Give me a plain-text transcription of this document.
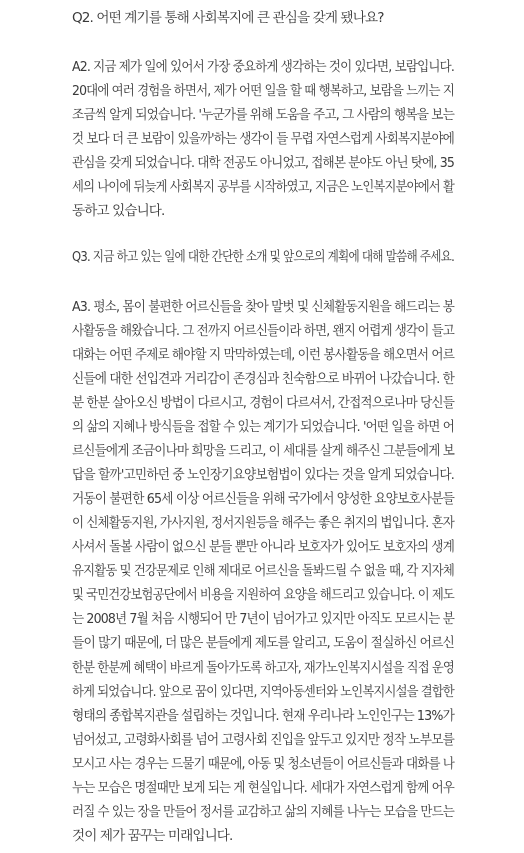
Q2. 어떤 계기를 통해 사회복지에 큰 관심을 갖게 됐나요?
A2. 지금 제가 일에 있어서 가장 중요하게 생각하는 것이 있다면, 보람입니다.
20대에 여러 경험을 하면서, 제가 어떤 일을 할 때 행복하고, 보람을 느끼는 지
조금씩 알게 되었습니다. '누군가를 위해 도움을 주고, 그 사람의 행복을 보는
것 보다 더 큰 보람이 있을까'하는 생각이 들 무렵 자연스럽게 사회복지분야에
관심을 갖게 되었습니다. 대학 전공도 아니었고, 접해본 분야도 아닌 탓에, 35
세의 나이에 뒤늦게 사회복지 공부를 시작하였고, 지금은 노인복지분야에서 활
동하고 있습니다.
Q3. 지금 하고 있는 일에 대한 간단한 소개 및 앞으로의 계획에 대해 말씀해 주세요.
A3. 평소, 몸이 불편한 어르신들을 찾아 말벗 및 신체활동지원을 해드리는 봉
사활동을 해왔습니다. 그 전까지 어르신들이라 하면, 왠지 어렵게 생각이 들고
대화는 어떤 주제로 해야할 지 막막하였는데, 이런 봉사활동을 해오면서 어르
신들에 대한 선입견과 거리감이 존경심과 친숙함으로 바뀌어 나갔습니다. 한
분 한분 살아오신 방법이 다르시고, 경험이 다르셔서, 간접적으로나마 당신들
의 삶의 지혜나 방식들을 접할 수 있는 계기가 되었습니다. '어떤 일을 하면 어
르신들에게 조금이나마 희망을 드리고, 이 세대를 살게 해주신 그분들에게 보
답을 할까'고민하던 중 노인장기요양보험법이 있다는 것을 알게 되었습니다.
거동이 불편한 65세 이상 어르신들을 위해 국가에서 양성한 요양보호사분들
이 신체활동지원, 가사지원, 정서지원등을 해주는 좋은 취지의 법입니다. 혼자
사셔서 돌볼 사람이 없으신 분들 뿐만 아니라 보호자가 있어도 보호자의 생계
유지활동 및 건강문제로 인해 제대로 어르신을 돌봐드릴 수 없을 때, 각 지자체
및 국민건강보험공단에서 비용을 지원하여 요양을 해드리고 있습니다. 이 제도
는 2008년 7월 처음 시행되어 만 7년이 넘어가고 있지만 아직도 모르시는 분
들이 많기 때문에, 더 많은 분들에게 제도를 알리고, 도움이 절실하신 어르신
한분 한분께 혜택이 바르게 돌아가도록 하고자, 재가노인복지시설을 직접 운영
하게 되었습니다. 앞으로 꿈이 있다면, 지역아동센터와 노인복지시설을 결합한
형태의 종합복지관을 설립하는 것입니다. 현재 우리나라 노인인구는 13%가
넘어섰고, 고령화사회를 넘어 고령사회 진입을 앞두고 있지만 정작 노부모를
모시고 사는 경우는 드물기 때문에, 아동 및 청소년들이 어르신들과 대화를 나
누는 모습은 명절때만 보게 되는 게 현실입니다. 세대가 자연스럽게 함께 어우
러질 수 있는 장을 만들어 정서를 교감하고 삶의 지혜를 나누는 모습을 만드는
것이 제가 꿈꾸는 미래입니다.
